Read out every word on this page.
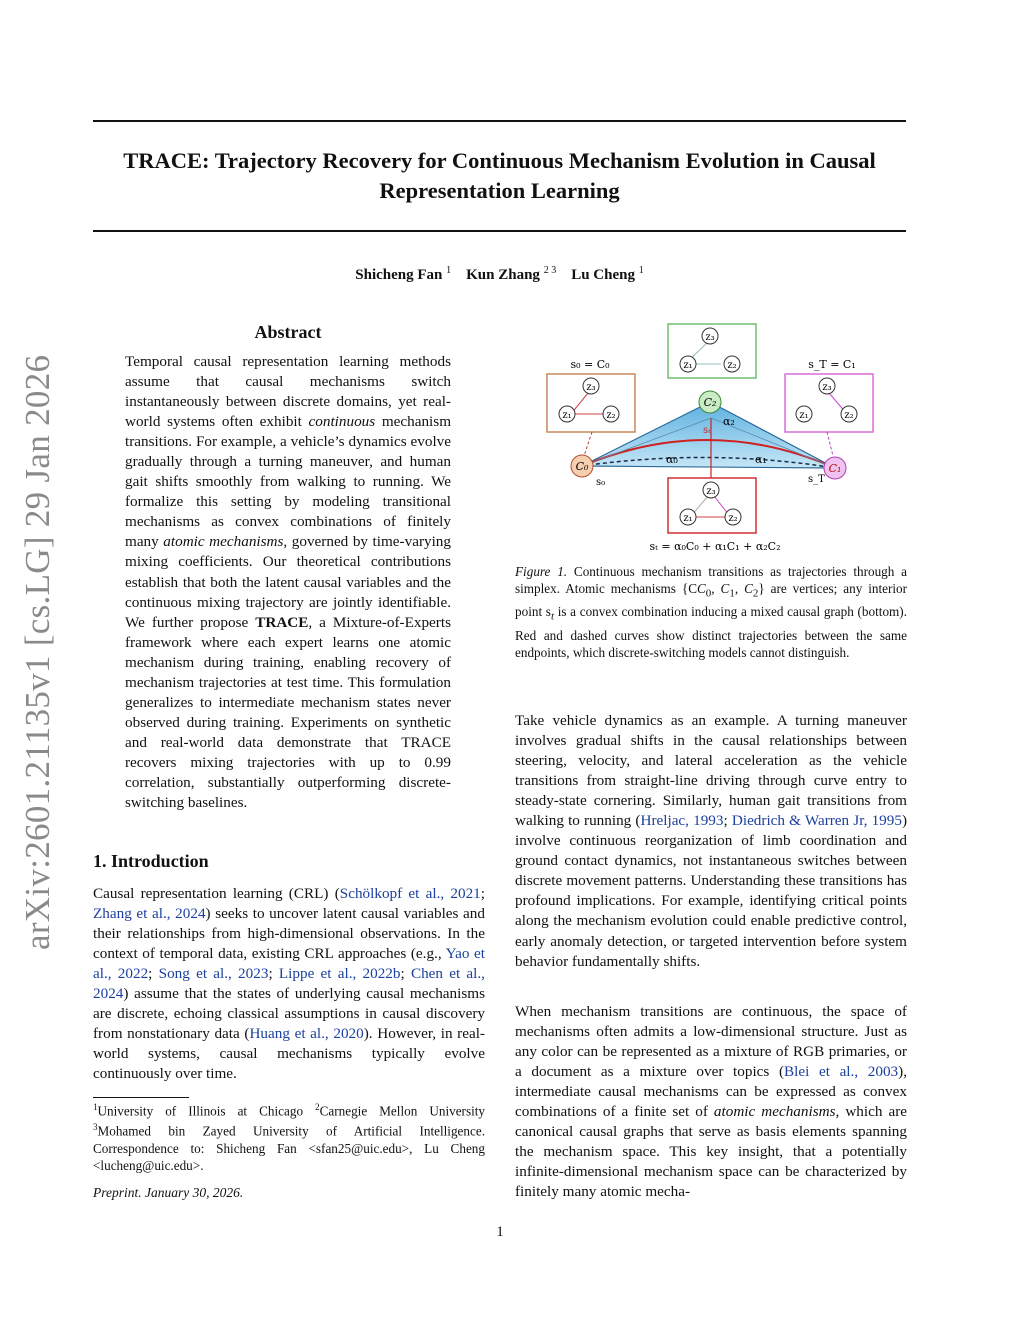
TRACE: Trajectory Recovery for Continuous Mechanism Evolution in Causal Representation Learning
Shicheng Fan $^1$ Kun Zhang $^{2 3}$ Lu Cheng $^1$
arXiv:2601.21135v1 [cs.LG] 29 Jan 2026
Abstract
Temporal causal representation learning methods assume that causal mechanisms switch instantaneously between discrete domains, yet real-world systems often exhibit continuous mechanism transitions. For example, a vehicle’s dynamics evolve gradually through a turning maneuver, and human gait shifts smoothly from walking to running. We formalize this setting by modeling transitional mechanisms as convex combinations of finitely many atomic mechanisms, governed by time-varying mixing coefficients. Our theoretical contributions establish that both the latent causal variables and the continuous mixing trajectory are jointly identifiable. We further propose TRACE, a Mixture-of-Experts framework where each expert learns one atomic mechanism during training, enabling recovery of mechanism trajectories at test time. This formulation generalizes to intermediate mechanism states never observed during training. Experiments on synthetic and real-world data demonstrate that TRACE recovers mixing trajectories with up to 0.99 correlation, substantially outperforming discrete-switching baselines.
1. Introduction
Causal representation learning (CRL) (Schölkopf et al., 2021; Zhang et al., 2024) seeks to uncover latent causal variables and their relationships from high-dimensional observations. In the context of temporal data, existing CRL approaches (e.g., Yao et al., 2022; Song et al., 2023; Lippe et al., 2022b; Chen et al., 2024) assume that the states of underlying causal mechanisms are discrete, echoing classical assumptions in causal discovery from nonstationary data (Huang et al., 2020). However, in real-world systems, causal mechanisms typically evolve continuously over time.
$^1$University of Illinois at Chicago $^2$Carnegie Mellon University $^3$Mohamed bin Zayed University of Artificial Intelligence. Correspondence to: Shicheng Fan <sfan25@uic.edu>, Lu Cheng <lucheng@uic.edu>.
Preprint. January 30, 2026.
z₃
z₁	z₂
s₀ = C₀	s_T = C₁
z₃
z₁	z₂
z₃
z₁	z₂
sₜ
α₂
α₀	α₁
C₀
C₂
C₁
s₀	s_T
z₃
z₁	z₂
sₜ = α₀C₀ + α₁C₁ + α₂C₂
Figure 1. Continuous mechanism transitions as trajectories through a simplex. Atomic mechanisms {$CC_0$, $C_1$, $C_2$} are vertices; any interior point $s_t$ is a convex combination inducing a mixed causal graph (bottom). Red and dashed curves show distinct trajectories between the same endpoints, which discrete-switching models cannot distinguish.
Take vehicle dynamics as an example. A turning maneuver involves gradual shifts in the causal relationships between steering, velocity, and lateral acceleration as the vehicle transitions from straight-line driving through curve entry to steady-state cornering. Similarly, human gait transitions from walking to running (Hreljac, 1993; Diedrich & Warren Jr, 1995) involve continuous reorganization of limb coordination and ground contact dynamics, not instantaneous switches between discrete movement patterns. Understanding these transitions has profound implications. For example, identifying critical points along the mechanism evolution could enable predictive control, early anomaly detection, or targeted intervention before system behavior fundamentally shifts.
When mechanism transitions are continuous, the space of mechanisms often admits a low-dimensional structure. Just as any color can be represented as a mixture of RGB primaries, or a document as a mixture over topics (Blei et al., 2003), intermediate causal mechanisms can be expressed as convex combinations of a finite set of atomic mechanisms, which are canonical causal graphs that serve as basis elements spanning the mechanism space. This key insight, that a potentially infinite-dimensional mechanism space can be characterized by finitely many atomic mecha-
1
